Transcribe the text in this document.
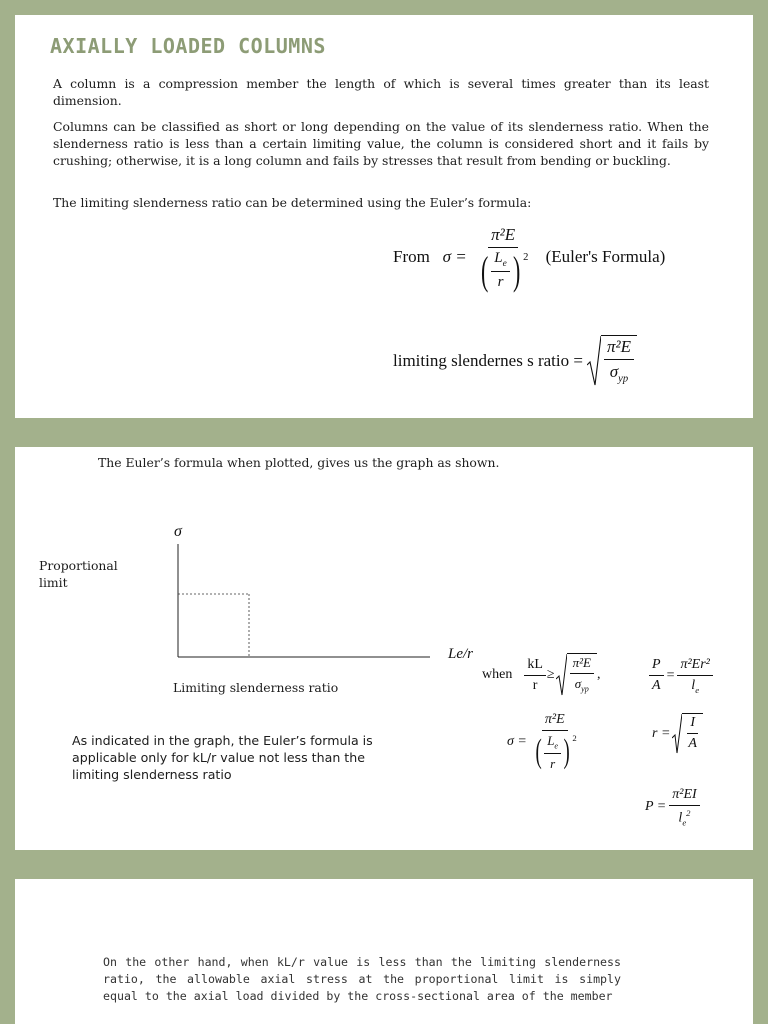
AXIALLY LOADED COLUMNS

A column is a compression member the length of which is several times greater than its least dimension.

Columns can be classified as short or long depending on the value of its slenderness ratio. When the slenderness ratio is less than a certain limiting value, the column is considered short and it fails by crushing; otherwise, it is a long column and fails by stresses that result from bending or buckling.

The limiting slenderness ratio can be determined using the Euler’s formula:

From σ =
π²E
( $\frac{L_e}{r}$ ) $^2$ (Euler's Formula)
limiting slendernes s ratio = $\frac{\text{π²E}}{\sigma_{yp}}$
The Euler’s formula when plotted, gives us the graph as shown.
σ
Proportional limit
Le/r
Limiting slenderness ratio

As indicated in the graph, the Euler’s formula is applicable only for kL/r value not less than the limiting slenderness ratio

when $\frac{kL}{r} \ge \frac{\text{π²E}}{\sigma_{yp}}$ ,	$\frac{P}{A} = \frac{\text{π²Er²}}{l_e}$
σ =
π²E
( $\frac{L_e}{r}$ ) $^2$	$r = \frac{I}{A}$
$P = \frac{\text{π²EI}}{l_e^2}$

On the other hand, when kL/r value is less than the limiting slenderness ratio, the allowable axial stress at the proportional limit is simply equal to the axial load divided by the cross-sectional area of the member
